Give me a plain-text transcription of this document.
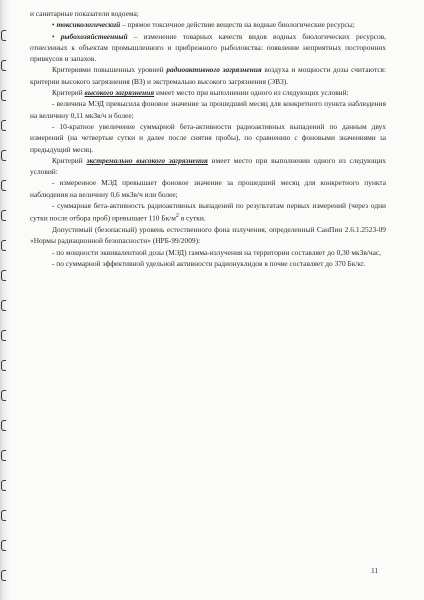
и санитарные показатели водоема;

• токсикологический – прямое токсичное действие веществ на водные биологические ресурсы;

• рыбохозяйственный – изменение товарных качеств видов водных биологических ресурсов, отнесенных к объектам промышленного и прибрежного рыболовства: появление неприятных посторонних привкусов и запахов.

Критериями повышенных уровней радиоактивного загрязнения воздуха и мощности дозы считаются: критерии высокого загрязнения (ВЗ) и экстремально высокого загрязнения (ЭВЗ).

Критерий высокого загрязнения имеет место при выполнении одного из следующих условий:

- величина МЭД превысила фоновое значение за прошедший месяц для конкретного пункта наблюдения на величину 0,11 мкЗв/ч и более;

- 10-кратное увеличение суммарной бета-активности радиоактивных выпадений по данным двух измерений (на четвертые сутки и далее после снятия пробы), по сравнению с фоновыми значениями за предыдущий месяц.

Критерий экстремально высокого загрязнения имеет место при выполнении одного из следующих условий:

- измеренное МЭД превышает фоновое значение за прошедший месяц для конкретного пункта наблюдения на величину 0,6 мкЗв/ч или более;

- суммарная бета-активность радиоактивных выпадений по результатам первых измерений (через одни сутки после отбора проб) превышает 110 $Бк/м^2$ в сутки.

Допустимый (безопасный) уровень естественного фона излучения, определенный СанПин 2.6.1.2523-09 «Нормы радиационной безопасности» (НРБ-99/2009):

- по мощности эквивалентной дозы (МЭД) гамма-излучения на территории составляет до 0,30 мкЗв/час,

- по суммарной эффективной удельной активности радионуклидов в почве составляет до 370 Бк/кг.

11
